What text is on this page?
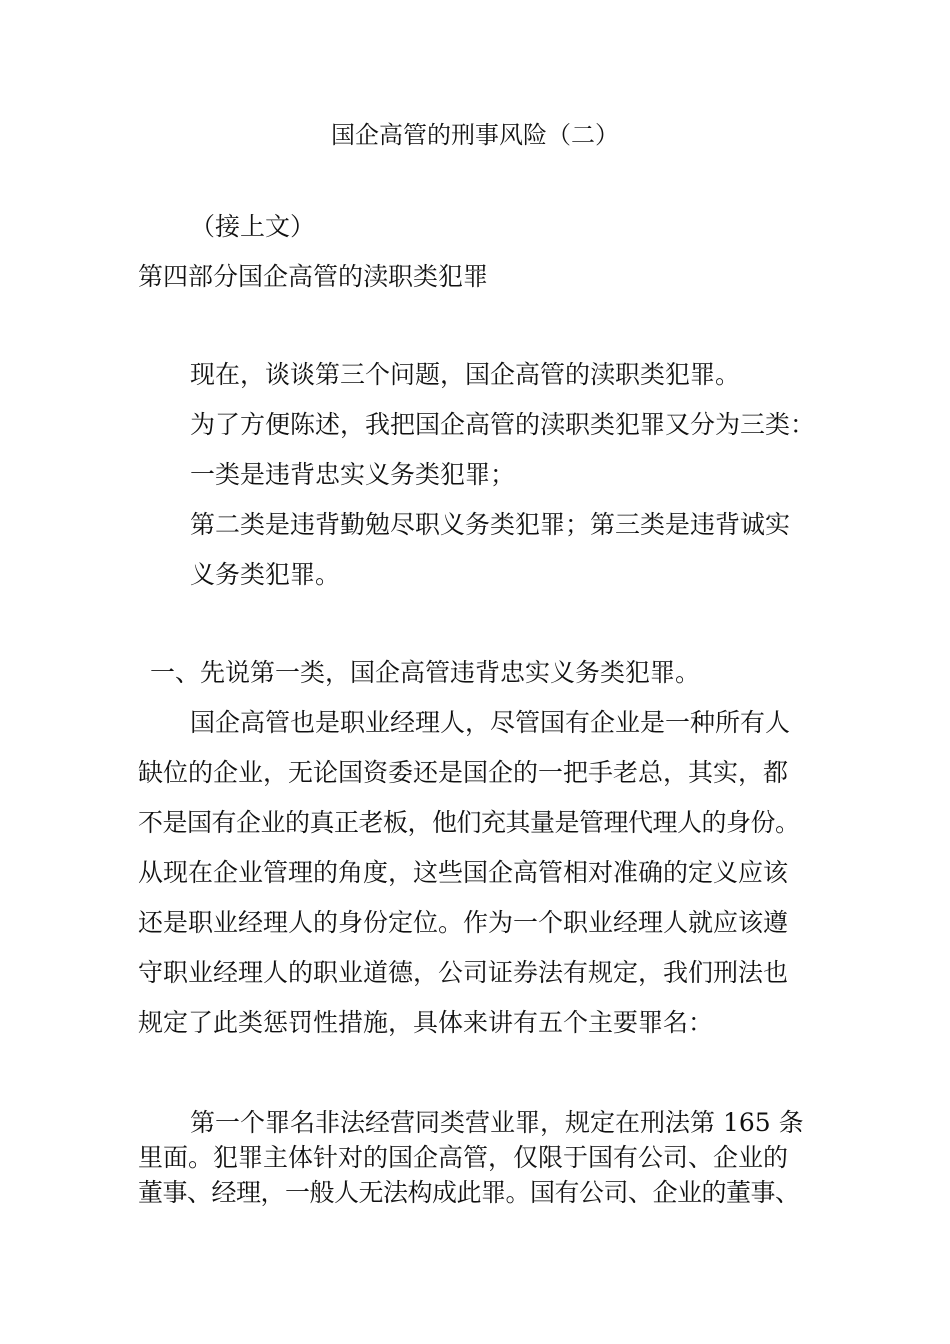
国企高管的刑事风险（二）
（接上文）
第四部分国企高管的渎职类犯罪
现在，谈谈第三个问题，国企高管的渎职类犯罪。
为了方便陈述，我把国企高管的渎职类犯罪又分为三类：
一类是违背忠实义务类犯罪；
第二类是违背勤勉尽职义务类犯罪；第三类是违背诚实
义务类犯罪。
一、先说第一类，国企高管违背忠实义务类犯罪。
国企高管也是职业经理人，尽管国有企业是一种所有人
缺位的企业，无论国资委还是国企的一把手老总，其实，都
不是国有企业的真正老板，他们充其量是管理代理人的身份。
从现在企业管理的角度，这些国企高管相对准确的定义应该
还是职业经理人的身份定位。作为一个职业经理人就应该遵
守职业经理人的职业道德，公司证券法有规定，我们刑法也
规定了此类惩罚性措施，具体来讲有五个主要罪名：
第一个罪名非法经营同类营业罪，规定在刑法第 165 条
里面。犯罪主体针对的国企高管，仅限于国有公司、企业的
董事、经理，一般人无法构成此罪。国有公司、企业的董事、
